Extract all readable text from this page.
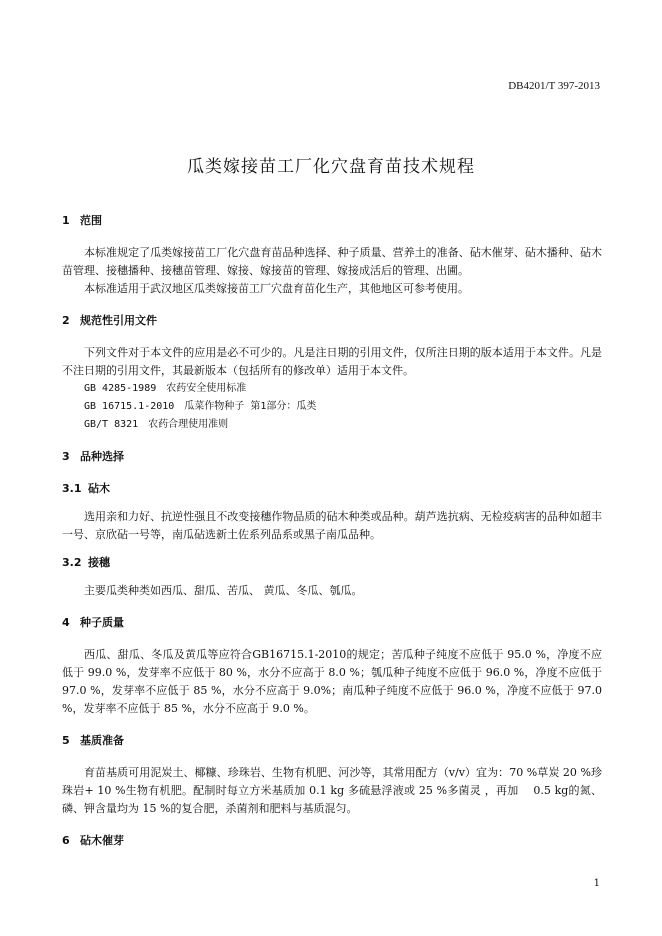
DB4201/T 397-2013
瓜类嫁接苗工厂化穴盘育苗技术规程
1 范围

本标准规定了瓜类嫁接苗工厂化穴盘育苗品种选择、种子质量、营养土的准备、砧木催芽、砧木播种、砧木苗管理、接穗播种、接穗苗管理、嫁接、嫁接苗的管理、嫁接成活后的管理、出圃。

本标准适用于武汉地区瓜类嫁接苗工厂穴盘育苗化生产，其他地区可参考使用。

2 规范性引用文件

下列文件对于本文件的应用是必不可少的。凡是注日期的引用文件，仅所注日期的版本适用于本文件。凡是不注日期的引用文件，其最新版本（包括所有的修改单）适用于本文件。

GB 4285-1989　农药安全使用标准

GB 16715.1-2010　瓜菜作物种子 第1部分：瓜类

GB/T 8321　农药合理使用准则

3 品种选择
3.1 砧木

选用亲和力好、抗逆性强且不改变接穗作物品质的砧木种类或品种。葫芦选抗病、无检疫病害的品种如超丰一号、京欣砧一号等，南瓜砧选新土佐系列品系或黑子南瓜品种。

3.2 接穗

主要瓜类种类如西瓜、甜瓜、苦瓜、 黄瓜、冬瓜、瓠瓜。

4 种子质量

西瓜、甜瓜、冬瓜及黄瓜等应符合GB16715.1-2010的规定；苦瓜种子纯度不应低于 95.0 %，净度不应低于 99.0 %，发芽率不应低于 80 %，水分不应高于 8.0 %；瓠瓜种子纯度不应低于 96.0 %，净度不应低于 97.0 %，发芽率不应低于 85 %，水分不应高于 9.0%；南瓜种子纯度不应低于 96.0 %，净度不应低于 97.0 %，发芽率不应低于 85 %，水分不应高于 9.0 %。

5 基质准备

育苗基质可用泥炭土、椰糠、珍珠岩、生物有机肥、河沙等，其常用配方（v/v）宜为：70 %草炭 20 %珍珠岩+ 10 %生物有机肥。配制时每立方米基质加 0.1 kg 多硫悬浮液或 25 %多菌灵 ，再加　 0.5 kg的氮、磷、钾含量均为 15 %的复合肥，杀菌剂和肥料与基质混匀。

6 砧木催芽
1
